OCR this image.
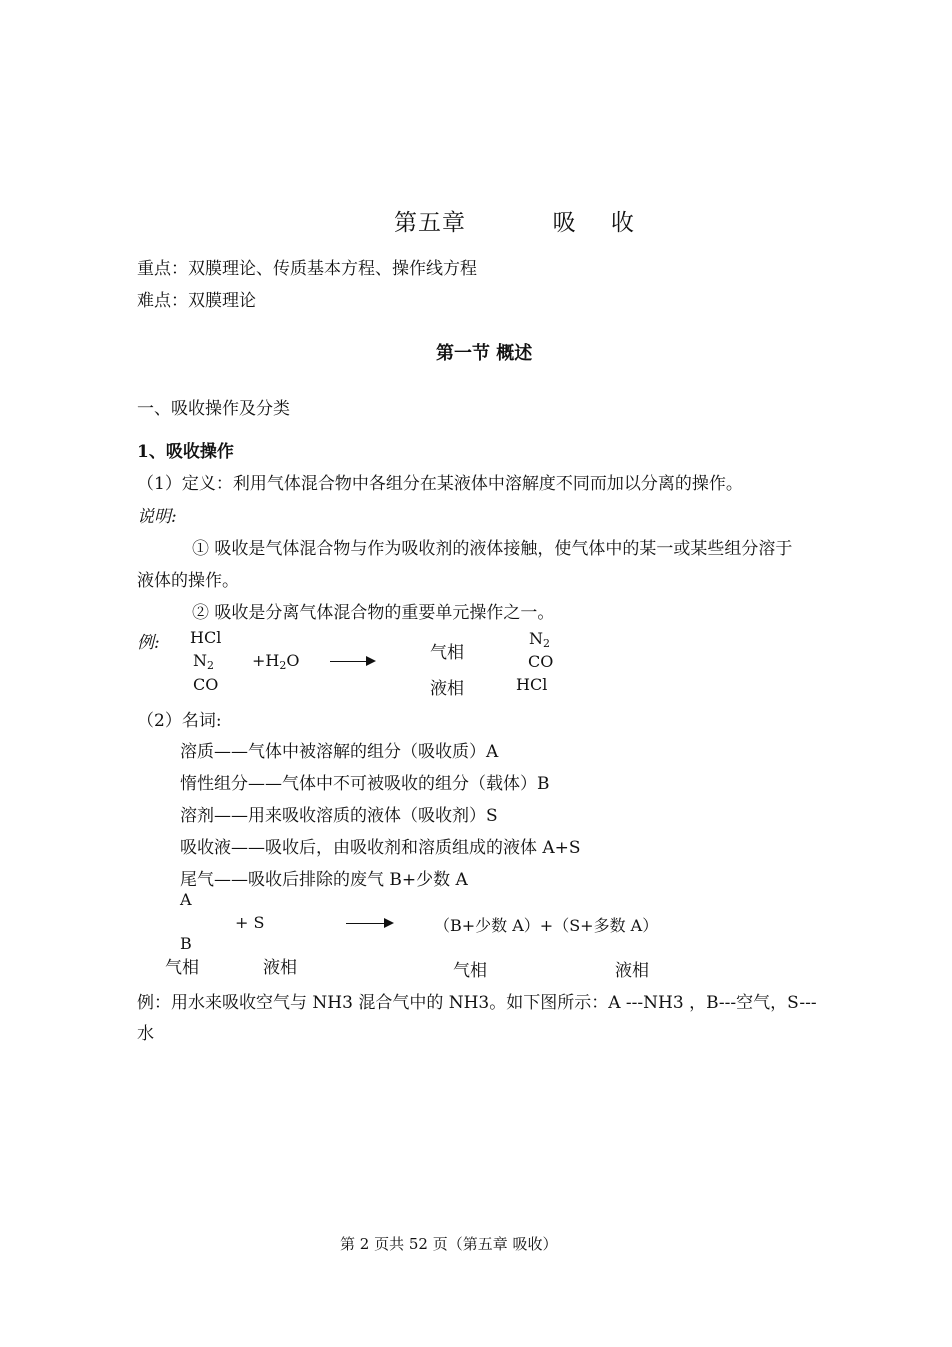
第五章	吸 收
重点：双膜理论、传质基本方程、操作线方程
难点：双膜理论
第一节 概述
一、吸收操作及分类
1、吸收操作
（1）定义：利用气体混合物中各组分在某液体中溶解度不同而加以分离的操作。
说明:
① 吸收是气体混合物与作为吸收剂的液体接触，使气体中的某一或某些组分溶于
液体的操作。
② 吸收是分离气体混合物的重要单元操作之一。
例: HCl
$N_2$
CO
$+H_2O$	气相
液相
$N_2$
CO
HCl
（2）名词:
溶质——气体中被溶解的组分（吸收质）A
惰性组分——气体中不可被吸收的组分（载体）B
溶剂——用来吸收溶质的液体（吸收剂）S
吸收液——吸收后，由吸收剂和溶质组成的液体 A+S
尾气——吸收后排除的废气 B+少数 A
A
+ S	（B+少数 A）+（S+多数 A）
B
气相	液相	气相	液相
例：用水来吸收空气与 NH3 混合气中的 NH3。如下图所示：A ---NH3 ，B---空气，S---
水
第 2 页共 52 页（第五章 吸收）
